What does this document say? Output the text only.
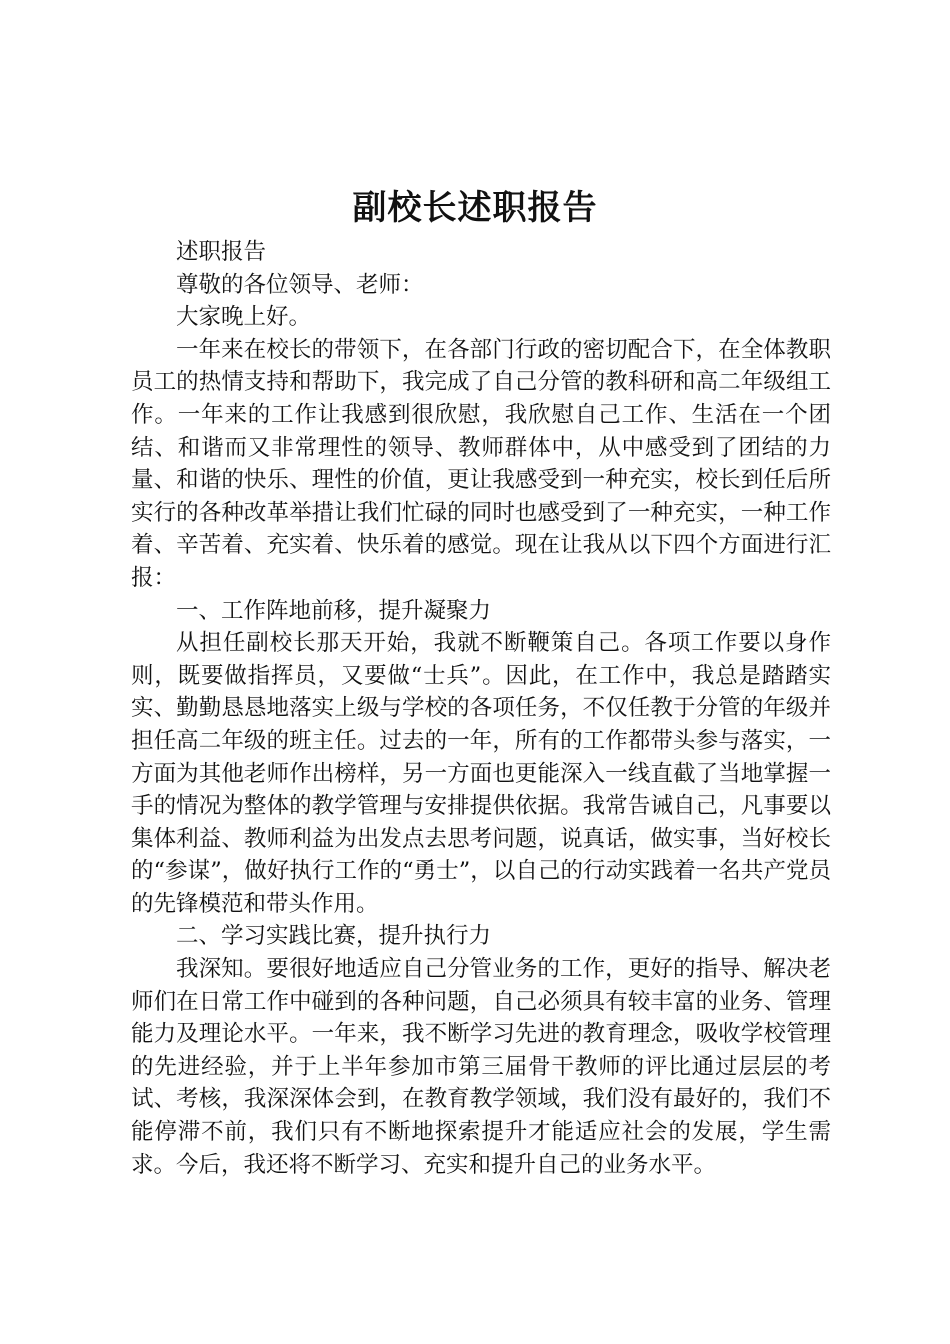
副校长述职报告

述职报告

尊敬的各位领导、老师：

大家晚上好。

一年来在校长的带领下，在各部门行政的密切配合下，在全体教职员工的热情支持和帮助下，我完成了自己分管的教科研和高二年级组工作。一年来的工作让我感到很欣慰，我欣慰自己工作、生活在一个团结、和谐而又非常理性的领导、教师群体中，从中感受到了团结的力量、和谐的快乐、理性的价值，更让我感受到一种充实，校长到任后所实行的各种改革举措让我们忙碌的同时也感受到了一种充实，一种工作着、辛苦着、充实着、快乐着的感觉。现在让我从以下四个方面进行汇报：

一、工作阵地前移，提升凝聚力

从担任副校长那天开始，我就不断鞭策自己。各项工作要以身作则，既要做指挥员，又要做“士兵”。因此，在工作中，我总是踏踏实实、勤勤恳恳地落实上级与学校的各项任务，不仅任教于分管的年级并担任高二年级的班主任。过去的一年，所有的工作都带头参与落实，一方面为其他老师作出榜样，另一方面也更能深入一线直截了当地掌握一手的情况为整体的教学管理与安排提供依据。我常告诫自己，凡事要以集体利益、教师利益为出发点去思考问题，说真话，做实事，当好校长的“参谋”，做好执行工作的“勇士”，以自己的行动实践着一名共产党员的先锋模范和带头作用。

二、学习实践比赛，提升执行力

我深知。要很好地适应自己分管业务的工作，更好的指导、解决老师们在日常工作中碰到的各种问题，自己必须具有较丰富的业务、管理能力及理论水平。一年来，我不断学习先进的教育理念，吸收学校管理的先进经验，并于上半年参加市第三届骨干教师的评比通过层层的考试、考核，我深深体会到，在教育教学领域，我们没有最好的，我们不能停滞不前，我们只有不断地探索提升才能适应社会的发展，学生需求。今后，我还将不断学习、充实和提升自己的业务水平。
